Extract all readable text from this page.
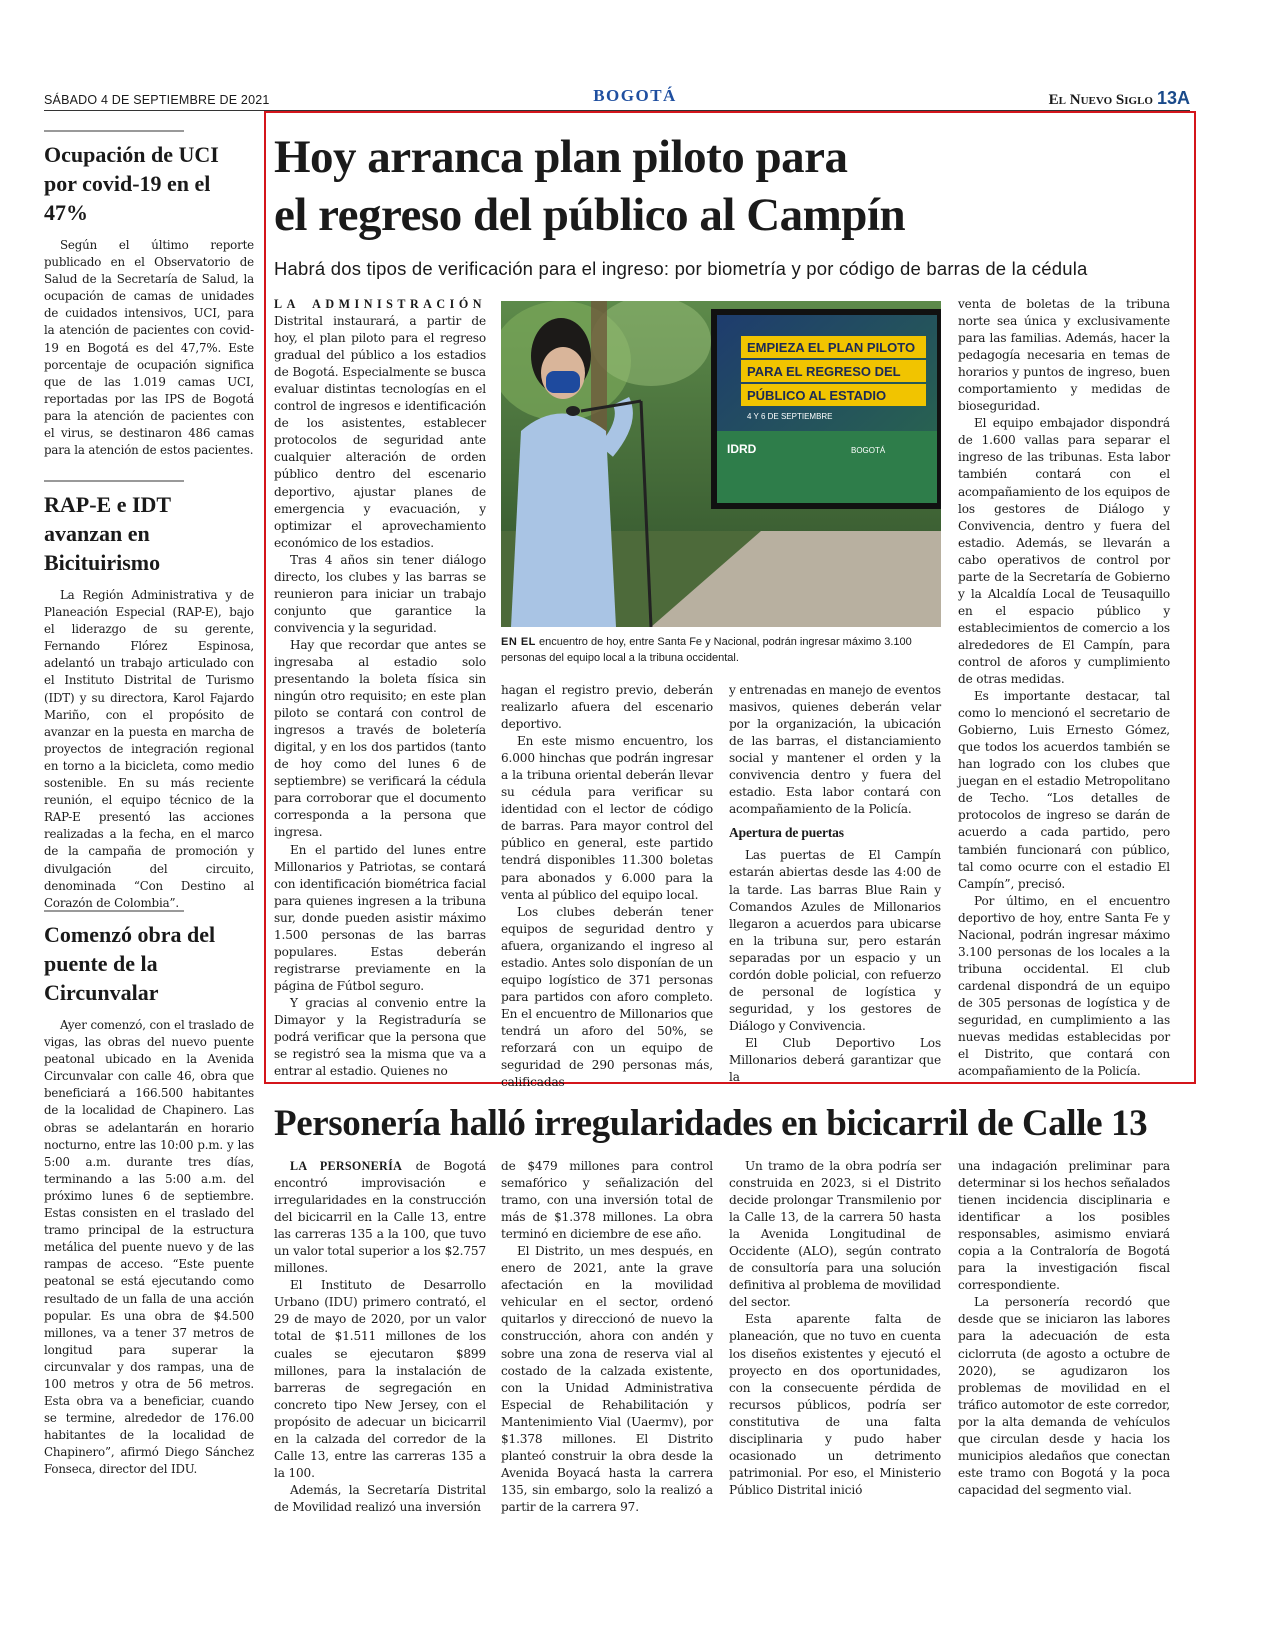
SÁBADO 4 DE SEPTIEMBRE DE 2021	BOGOTÁ	El Nuevo Siglo 13A
Ocupación de UCI por covid-19 en el 47%

Según el último reporte publicado en el Observatorio de Salud de la Secretaría de Salud, la ocupación de camas de unidades de cuidados intensivos, UCI, para la atención de pacientes con covid-19 en Bogotá es del 47,7%. Este porcentaje de ocupación significa que de las 1.019 camas UCI, reportadas por las IPS de Bogotá para la atención de pacientes con el virus, se destinaron 486 camas para la atención de estos pacientes.

RAP-E e IDT avanzan en Bicituirismo

La Región Administrativa y de Planeación Especial (RAP-E), bajo el liderazgo de su gerente, Fernando Flórez Espinosa, adelantó un trabajo articulado con el Instituto Distrital de Turismo (IDT) y su directora, Karol Fajardo Mariño, con el propósito de avanzar en la puesta en marcha de proyectos de integración regional en torno a la bicicleta, como medio sostenible. En su más reciente reunión, el equipo técnico de la RAP-E presentó las acciones realizadas a la fecha, en el marco de la campaña de promoción y divulgación del circuito, denominada “Con Destino al Corazón de Colombia”.

Comenzó obra del puente de la Circunvalar

Ayer comenzó, con el traslado de vigas, las obras del nuevo puente peatonal ubicado en la Avenida Circunvalar con calle 46, obra que beneficiará a 166.500 habitantes de la localidad de Chapinero. Las obras se adelantarán en horario nocturno, entre las 10:00 p.m. y las 5:00 a.m. durante tres días, terminando a las 5:00 a.m. del próximo lunes 6 de septiembre. Estas consisten en el traslado del tramo principal de la estructura metálica del puente nuevo y de las rampas de acceso. “Este puente peatonal se está ejecutando como resultado de un falla de una acción popular. Es una obra de $4.500 millones, va a tener 37 metros de longitud para superar la circunvalar y dos rampas, una de 100 metros y otra de 56 metros. Esta obra va a beneficiar, cuando se termine, alrededor de 176.00 habitantes de la localidad de Chapinero”, afirmó Diego Sánchez Fonseca, director del IDU.

Hoy arranca plan piloto para
el regreso del público al Campín

Habrá dos tipos de verificación para el ingreso: por biometría y por código de barras de la cédula

LA ADMINISTRACIÓN Distrital instaurará, a partir de hoy, el plan piloto para el regreso gradual del público a los estadios de Bogotá. Especialmente se busca evaluar distintas tecnologías en el control de ingresos e identificación de los asistentes, establecer protocolos de seguridad ante cualquier alteración de orden público dentro del escenario deportivo, ajustar planes de emergencia y evacuación, y optimizar el aprovechamiento económico de los estadios.

Tras 4 años sin tener diálogo directo, los clubes y las barras se reunieron para iniciar un trabajo conjunto que garantice la convivencia y la seguridad.

Hay que recordar que antes se ingresaba al estadio solo presentando la boleta física sin ningún otro requisito; en este plan piloto se contará con control de ingresos a través de boletería digital, y en los dos partidos (tanto de hoy como del lunes 6 de septiembre) se verificará la cédula para corroborar que el documento corresponda a la persona que ingresa.

En el partido del lunes entre Millonarios y Patriotas, se contará con identificación biométrica facial para quienes ingresen a la tribuna sur, donde pueden asistir máximo 1.500 personas de las barras populares. Estas deberán registrarse previamente en la página de Fútbol seguro.

Y gracias al convenio entre la Dimayor y la Registraduría se podrá verificar que la persona que se registró sea la misma que va a entrar al estadio. Quienes no

EMPIEZA EL PLAN PILOTO
PARA EL REGRESO DEL
PÚBLICO AL ESTADIO
4 Y 6 DE SEPTIEMBRE
IDRD	BOGOTÁ
EN EL encuentro de hoy, entre Santa Fe y Nacional, podrán ingresar máximo 3.100 personas del equipo local a la tribuna occidental.

hagan el registro previo, deberán realizarlo afuera del escenario deportivo.

En este mismo encuentro, los 6.000 hinchas que podrán ingresar a la tribuna oriental deberán llevar su cédula para verificar su identidad con el lector de código de barras. Para mayor control del público en general, este partido tendrá disponibles 11.300 boletas para abonados y 6.000 para la venta al público del equipo local.

Los clubes deberán tener equipos de seguridad dentro y afuera, organizando el ingreso al estadio. Antes solo disponían de un equipo logístico de 371 personas para partidos con aforo completo. En el encuentro de Millonarios que tendrá un aforo del 50%, se reforzará con un equipo de seguridad de 290 personas más, calificadas

y entrenadas en manejo de eventos masivos, quienes deberán velar por la organización, la ubicación de las barras, el distanciamiento social y mantener el orden y la convivencia dentro y fuera del estadio. Esta labor contará con acompañamiento de la Policía.

Apertura de puertas

Las puertas de El Campín estarán abiertas desde las 4:00 de la tarde. Las barras Blue Rain y Comandos Azules de Millonarios llegaron a acuerdos para ubicarse en la tribuna sur, pero estarán separadas por un espacio y un cordón doble policial, con refuerzo de personal de logística y seguridad, y los gestores de Diálogo y Convivencia.

El Club Deportivo Los Millonarios deberá garantizar que la

venta de boletas de la tribuna norte sea única y exclusivamente para las familias. Además, hacer la pedagogía necesaria en temas de horarios y puntos de ingreso, buen comportamiento y medidas de bioseguridad.

El equipo embajador dispondrá de 1.600 vallas para separar el ingreso de las tribunas. Esta labor también contará con el acompañamiento de los equipos de los gestores de Diálogo y Convivencia, dentro y fuera del estadio. Además, se llevarán a cabo operativos de control por parte de la Secretaría de Gobierno y la Alcaldía Local de Teusaquillo en el espacio público y establecimientos de comercio a los alrededores de El Campín, para control de aforos y cumplimiento de otras medidas.

Es importante destacar, tal como lo mencionó el secretario de Gobierno, Luis Ernesto Gómez, que todos los acuerdos también se han logrado con los clubes que juegan en el estadio Metropolitano de Techo. “Los detalles de protocolos de ingreso se darán de acuerdo a cada partido, pero también funcionará con público, tal como ocurre con el estadio El Campín”, precisó.

Por último, en el encuentro deportivo de hoy, entre Santa Fe y Nacional, podrán ingresar máximo 3.100 personas de los locales a la tribuna occidental. El club cardenal dispondrá de un equipo de 305 personas de logística y de seguridad, en cumplimiento a las nuevas medidas establecidas por el Distrito, que contará con acompañamiento de la Policía.

Personería halló irregularidades en bicicarril de Calle 13

LA PERSONERÍA de Bogotá encontró improvisación e irregularidades en la construcción del bicicarril en la Calle 13, entre las carreras 135 a la 100, que tuvo un valor total superior a los $2.757 millones.

El Instituto de Desarrollo Urbano (IDU) primero contrató, el 29 de mayo de 2020, por un valor total de $1.511 millones de los cuales se ejecutaron $899 millones, para la instalación de barreras de segregación en concreto tipo New Jersey, con el propósito de adecuar un bicicarril en la calzada del corredor de la Calle 13, entre las carreras 135 a la 100.

Además, la Secretaría Distrital de Movilidad realizó una inversión

de $479 millones para control semafórico y señalización del tramo, con una inversión total de más de $1.378 millones. La obra terminó en diciembre de ese año.

El Distrito, un mes después, en enero de 2021, ante la grave afectación en la movilidad vehicular en el sector, ordenó quitarlos y direccionó de nuevo la construcción, ahora con andén y sobre una zona de reserva vial al costado de la calzada existente, con la Unidad Administrativa Especial de Rehabilitación y Mantenimiento Vial (Uaermv), por $1.378 millones. El Distrito planteó construir la obra desde la Avenida Boyacá hasta la carrera 135, sin embargo, solo la realizó a partir de la carrera 97.

Un tramo de la obra podría ser construida en 2023, si el Distrito decide prolongar Transmilenio por la Calle 13, de la carrera 50 hasta la Avenida Longitudinal de Occidente (ALO), según contrato de consultoría para una solución definitiva al problema de movilidad del sector.

Esta aparente falta de planeación, que no tuvo en cuenta los diseños existentes y ejecutó el proyecto en dos oportunidades, con la consecuente pérdida de recursos públicos, podría ser constitutiva de una falta disciplinaria y pudo haber ocasionado un detrimento patrimonial. Por eso, el Ministerio Público Distrital inició

una indagación preliminar para determinar si los hechos señalados tienen incidencia disciplinaria e identificar a los posibles responsables, asimismo enviará copia a la Contraloría de Bogotá para la investigación fiscal correspondiente.

La personería recordó que desde que se iniciaron las labores para la adecuación de esta ciclorruta (de agosto a octubre de 2020), se agudizaron los problemas de movilidad en el tráfico automotor de este corredor, por la alta demanda de vehículos que circulan desde y hacia los municipios aledaños que conectan este tramo con Bogotá y la poca capacidad del segmento vial.
